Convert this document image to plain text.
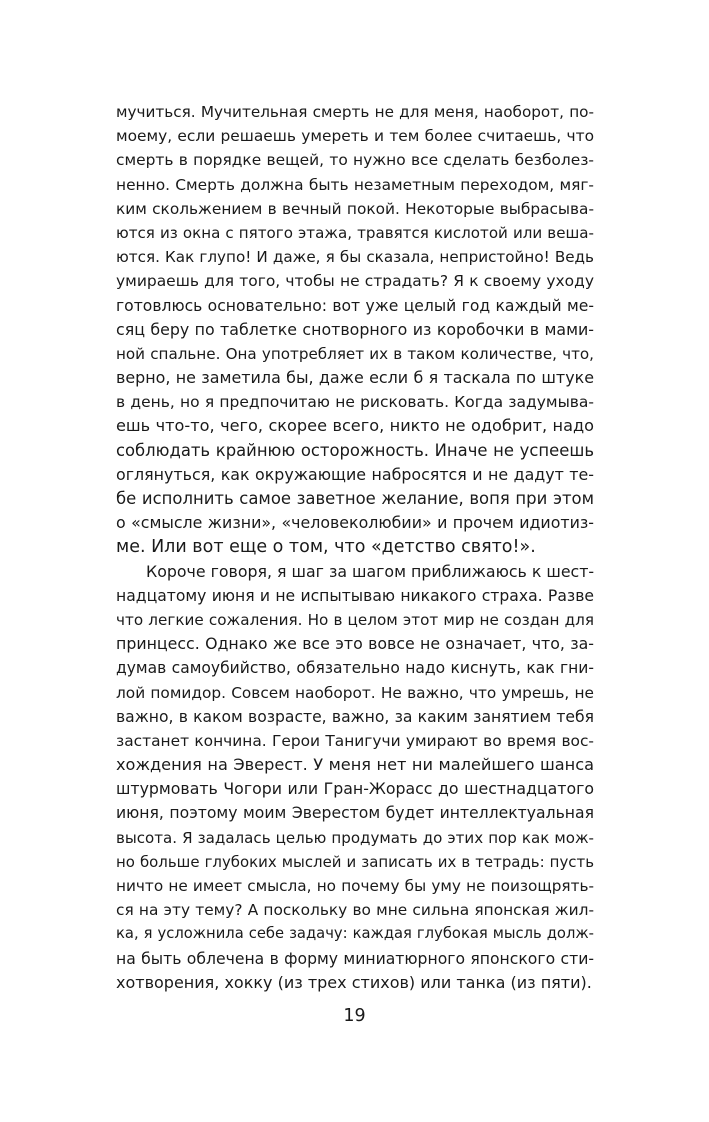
мучиться. Мучительная смерть не для меня, наоборот, по-
моему, если решаешь умереть и тем более считаешь, что
смерть в порядке вещей, то нужно все сделать безболез-
ненно. Смерть должна быть незаметным переходом, мяг-
ким скольжением в вечный покой. Некоторые выбрасыва-
ются из окна с пятого этажа, травятся кислотой или веша-
ются. Как глупо! И даже, я бы сказала, непристойно! Ведь
умираешь для того, чтобы не страдать? Я к своему уходу
готовлюсь основательно: вот уже целый год каждый ме-
сяц беру по таблетке снотворного из коробочки в мами-
ной спальне. Она употребляет их в таком количестве, что,
верно, не заметила бы, даже если б я таскала по штуке
в день, но я предпочитаю не рисковать. Когда задумыва-
ешь что-то, чего, скорее всего, никто не одобрит, надо
соблюдать крайнюю осторожность. Иначе не успеешь
оглянуться, как окружающие набросятся и не дадут те-
бе исполнить самое заветное желание, вопя при этом
о «смысле жизни», «человеколюбии» и прочем идиотиз-
ме. Или вот еще о том, что «детство свято!».
Короче говоря, я шаг за шагом приближаюсь к шест-
надцатому июня и не испытываю никакого страха. Разве
что легкие сожаления. Но в целом этот мир не создан для
принцесс. Однако же все это вовсе не означает, что, за-
думав самоубийство, обязательно надо киснуть, как гни-
лой помидор. Совсем наоборот. Не важно, что умрешь, не
важно, в каком возрасте, важно, за каким занятием тебя
застанет кончина. Герои Танигучи умирают во время вос-
хождения на Эверест. У меня нет ни малейшего шанса
штурмовать Чогори или Гран-Жорасс до шестнадцатого
июня, поэтому моим Эверестом будет интеллектуальная
высота. Я задалась целью продумать до этих пор как мож-
но больше глубоких мыслей и записать их в тетрадь: пусть
ничто не имеет смысла, но почему бы уму не поизощрять-
ся на эту тему? А поскольку во мне сильна японская жил-
ка, я усложнила себе задачу: каждая глубокая мысль долж-
на быть облечена в форму миниатюрного японского сти-
хотворения, хокку (из трех стихов) или танка (из пяти).
19
